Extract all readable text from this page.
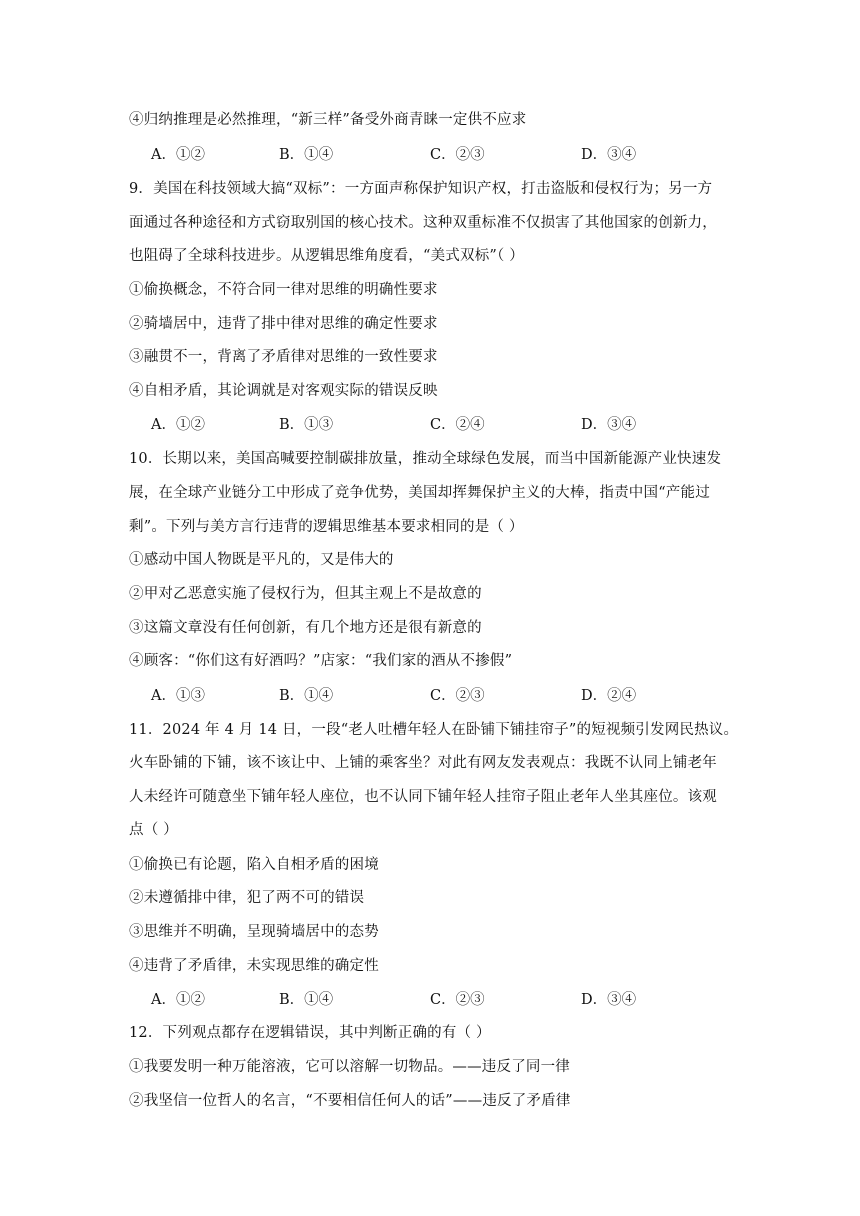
④归纳推理是必然推理，“新三样”备受外商青睐一定供不应求
A．①②	B．①④	C．②③	D．③④
9．美国在科技领域大搞“双标”：一方面声称保护知识产权，打击盗版和侵权行为；另一方
面通过各种途径和方式窃取别国的核心技术。这种双重标准不仅损害了其他国家的创新力，
也阻碍了全球科技进步。从逻辑思维角度看，“美式双标”（ ）
①偷换概念，不符合同一律对思维的明确性要求
②骑墙居中，违背了排中律对思维的确定性要求
③融贯不一，背离了矛盾律对思维的一致性要求
④自相矛盾，其论调就是对客观实际的错误反映
A．①②	B．①③	C．②④	D．③④
10．长期以来，美国高喊要控制碳排放量，推动全球绿色发展，而当中国新能源产业快速发
展，在全球产业链分工中形成了竞争优势，美国却挥舞保护主义的大棒，指责中国“产能过
剩”。下列与美方言行违背的逻辑思维基本要求相同的是（ ）
①感动中国人物既是平凡的，又是伟大的
②甲对乙恶意实施了侵权行为，但其主观上不是故意的
③这篇文章没有任何创新，有几个地方还是很有新意的
④顾客：“你们这有好酒吗？”店家：“我们家的酒从不掺假”
A．①③	B．①④	C．②③	D．②④
11．2024 年 4 月 14 日，一段“老人吐槽年轻人在卧铺下铺挂帘子”的短视频引发网民热议。
火车卧铺的下铺，该不该让中、上铺的乘客坐？对此有网友发表观点：我既不认同上铺老年
人未经许可随意坐下铺年轻人座位，也不认同下铺年轻人挂帘子阻止老年人坐其座位。该观
点（ ）
①偷换已有论题，陷入自相矛盾的困境
②未遵循排中律，犯了两不可的错误
③思维并不明确，呈现骑墙居中的态势
④违背了矛盾律，未实现思维的确定性
A．①②	B．①④	C．②③	D．③④
12．下列观点都存在逻辑错误，其中判断正确的有（ ）
①我要发明一种万能溶液，它可以溶解一切物品。——违反了同一律
②我坚信一位哲人的名言，“不要相信任何人的话”——违反了矛盾律
